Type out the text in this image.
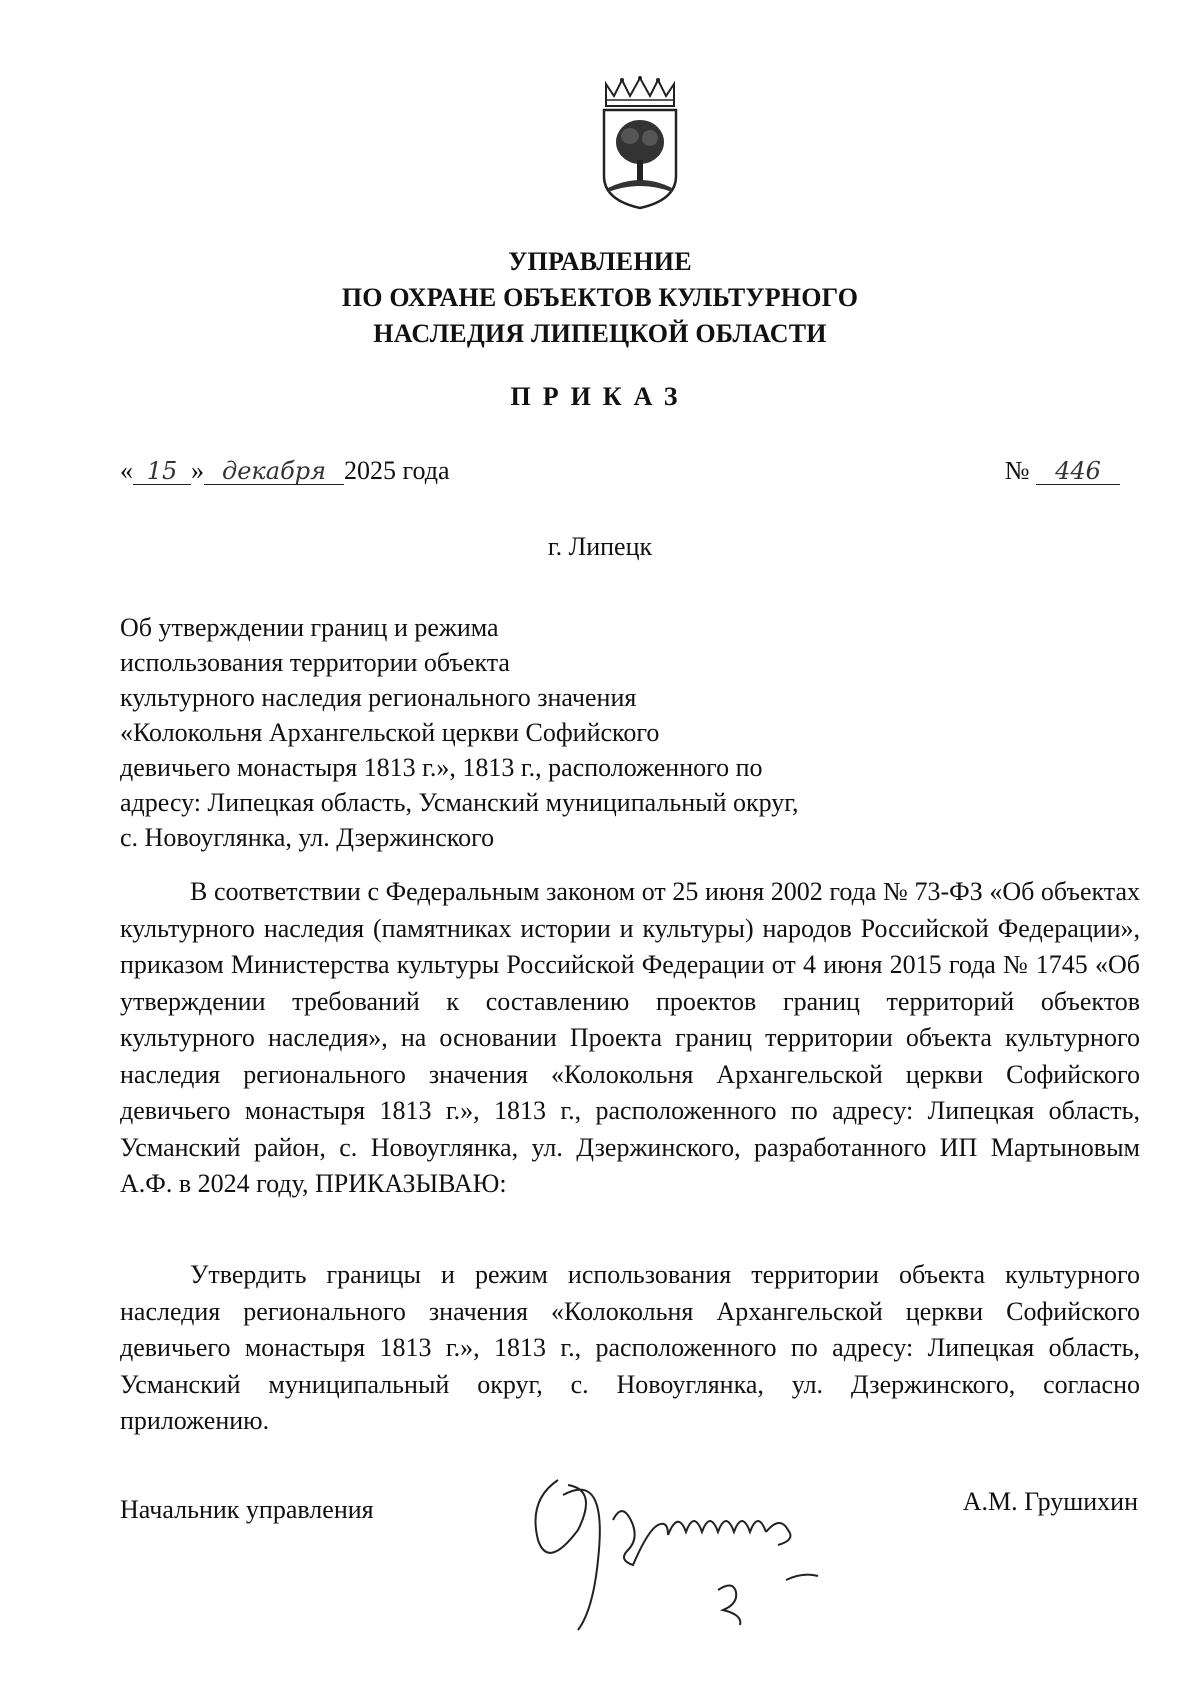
УПРАВЛЕНИЕ
ПО ОХРАНЕ ОБЪЕКТОВ КУЛЬТУРНОГО
НАСЛЕДИЯ ЛИПЕЦКОЙ ОБЛАСТИ
ПРИКАЗ
« 15 » декабря 2025 года	№ 446
г. Липецк
Об утверждении границ и режима
использования территории объекта
культурного наследия регионального значения
«Колокольня Архангельской церкви Софийского
девичьего монастыря 1813 г.», 1813 г., расположенного по
адресу: Липецкая область, Усманский муниципальный округ,
с. Новоуглянка, ул. Дзержинского

В соответствии с Федеральным законом от 25 июня 2002 года № 73-ФЗ «Об объектах культурного наследия (памятниках истории и культуры) народов Российской Федерации», приказом Министерства культуры Российской Федерации от 4 июня 2015 года № 1745 «Об утверждении требований к составлению проектов границ территорий объектов культурного наследия», на основании Проекта границ территории объекта культурного наследия регионального значения «Колокольня Архангельской церкви Софийского девичьего монастыря 1813 г.», 1813 г., расположенного по адресу: Липецкая область, Усманский район, с. Новоуглянка, ул. Дзержинского, разработанного ИП Мартыновым А.Ф. в 2024 году, ПРИКАЗЫВАЮ:

Утвердить границы и режим использования территории объекта культурного наследия регионального значения «Колокольня Архангельской церкви Софийского девичьего монастыря 1813 г.», 1813 г., расположенного по адресу: Липецкая область, Усманский муниципальный округ, с. Новоуглянка, ул. Дзержинского, согласно приложению.

Начальник управления	А.М. Грушихин
